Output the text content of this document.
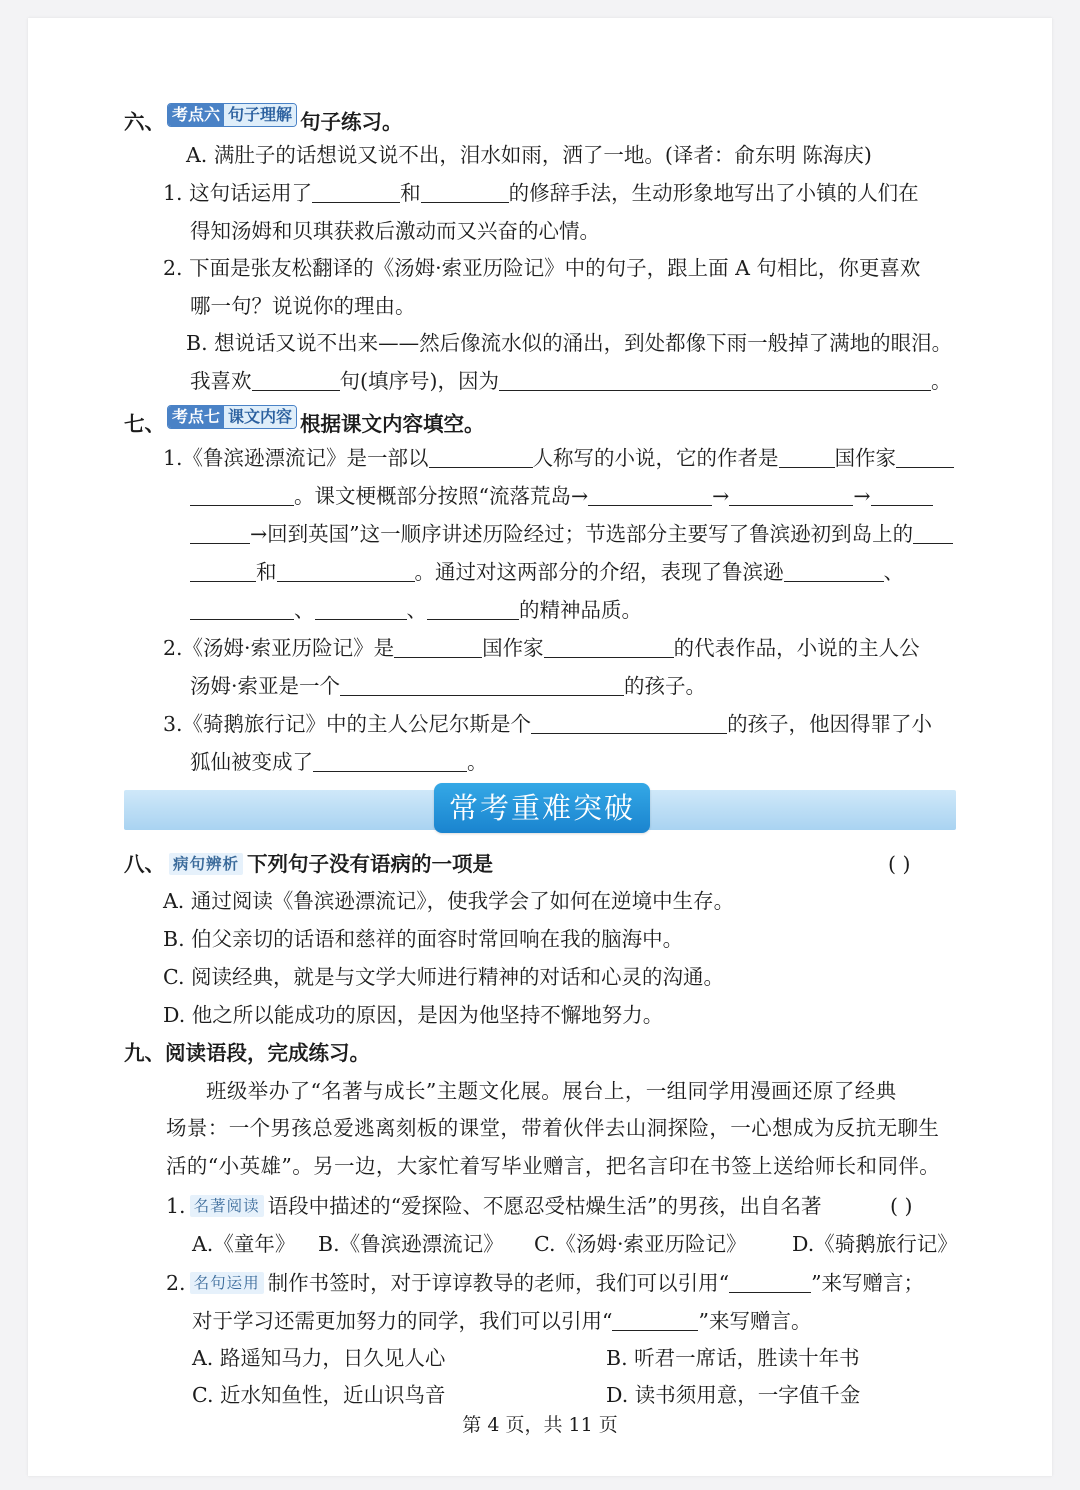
六、 考点六 句子理解 句子练习。
A. 满肚子的话想说又说不出，泪水如雨，洒了一地。(译者：俞东明 陈海庆)
1. 这句话运用了	和	的修辞手法，生动形象地写出了小镇的人们在
得知汤姆和贝琪获救后激动而又兴奋的心情。
2. 下面是张友松翻译的《汤姆·索亚历险记》中的句子，跟上面 A 句相比，你更喜欢
哪一句？说说你的理由。
B. 想说话又说不出来——然后像流水似的涌出，到处都像下雨一般掉了满地的眼泪。
我喜欢	句(填序号)，因为	。
七、 考点七 课文内容 根据课文内容填空。
1.《鲁滨逊漂流记》是一部以	人称写的小说，它的作者是	国作家
。课文梗概部分按照“流落荒岛→	→	→
→回到英国”这一顺序讲述历险经过；节选部分主要写了鲁滨逊初到岛上的
和	。通过对这两部分的介绍，表现了鲁滨逊	、
、	、	的精神品质。
2.《汤姆·索亚历险记》是	国作家	的代表作品，小说的主人公
汤姆·索亚是一个	的孩子。
3.《骑鹅旅行记》中的主人公尼尔斯是个	的孩子，他因得罪了小
狐仙被变成了	。
常考重难突破
八、 病句辨析 下列句子没有语病的一项是	( )
A. 通过阅读《鲁滨逊漂流记》，使我学会了如何在逆境中生存。
B. 伯父亲切的话语和慈祥的面容时常回响在我的脑海中。
C. 阅读经典，就是与文学大师进行精神的对话和心灵的沟通。
D. 他之所以能成功的原因，是因为他坚持不懈地努力。
九、阅读语段，完成练习。
班级举办了“名著与成长”主题文化展。展台上，一组同学用漫画还原了经典
场景：一个男孩总爱逃离刻板的课堂，带着伙伴去山洞探险，一心想成为反抗无聊生
活的“小英雄”。另一边，大家忙着写毕业赠言，把名言印在书签上送给师长和同伴。
1. 名著阅读 语段中描述的“爱探险、不愿忍受枯燥生活”的男孩，出自名著	( )
A.《童年》 B.《鲁滨逊漂流记》 C.《汤姆·索亚历险记》 D.《骑鹅旅行记》
2. 名句运用 制作书签时，对于谆谆教导的老师，我们可以引用“	”来写赠言；
对于学习还需更加努力的同学，我们可以引用“	”来写赠言。
A. 路遥知马力，日久见人心	B. 听君一席话，胜读十年书
C. 近水知鱼性，近山识鸟音	D. 读书须用意，一字值千金
第 4 页，共 11 页
